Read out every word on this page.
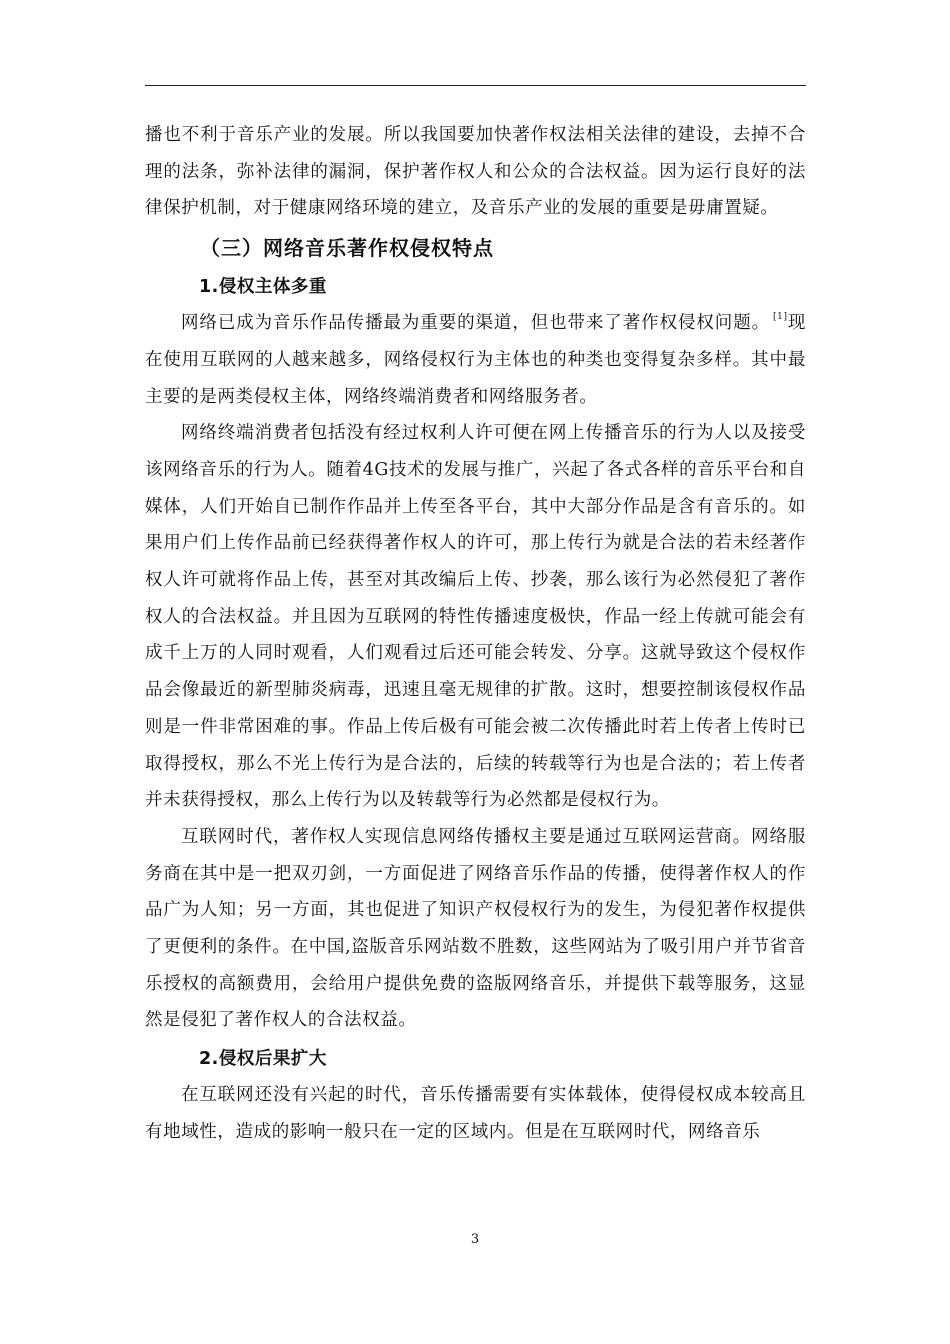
播也不利于音乐产业的发展。所以我国要加快著作权法相关法律的建设，去掉不合理的法条，弥补法律的漏洞，保护著作权人和公众的合法权益。因为运行良好的法律保护机制，对于健康网络环境的建立，及音乐产业的发展的重要是毋庸置疑。

（三）网络音乐著作权侵权特点
1.侵权主体多重

网络已成为音乐作品传播最为重要的渠道，但也带来了著作权侵权问题。 [1]现在使用互联网的人越来越多，网络侵权行为主体也的种类也变得复杂多样。其中最主要的是两类侵权主体，网络终端消费者和网络服务者。

网络终端消费者包括没有经过权利人许可便在网上传播音乐的行为人以及接受该网络音乐的行为人。随着4G技术的发展与推广，兴起了各式各样的音乐平台和自媒体，人们开始自已制作作品并上传至各平台，其中大部分作品是含有音乐的。如果用户们上传作品前已经获得著作权人的许可，那上传行为就是合法的若未经著作权人许可就将作品上传，甚至对其改编后上传、抄袭，那么该行为必然侵犯了著作权人的合法权益。并且因为互联网的特性传播速度极快，作品一经上传就可能会有成千上万的人同时观看，人们观看过后还可能会转发、分享。这就导致这个侵权作品会像最近的新型肺炎病毒，迅速且毫无规律的扩散。这时，想要控制该侵权作品则是一件非常困难的事。作品上传后极有可能会被二次传播此时若上传者上传时已取得授权，那么不光上传行为是合法的，后续的转载等行为也是合法的；若上传者并未获得授权，那么上传行为以及转载等行为必然都是侵权行为。

互联网时代，著作权人实现信息网络传播权主要是通过互联网运营商。网络服务商在其中是一把双刃剑，一方面促进了网络音乐作品的传播，使得著作权人的作品广为人知；另一方面，其也促进了知识产权侵权行为的发生，为侵犯著作权提供了更便利的条件。在中国,盗版音乐网站数不胜数，这些网站为了吸引用户并节省音乐授权的高额费用，会给用户提供免费的盗版网络音乐，并提供下载等服务，这显然是侵犯了著作权人的合法权益。

2.侵权后果扩大

在互联网还没有兴起的时代，音乐传播需要有实体载体，使得侵权成本较高且有地域性，造成的影响一般只在一定的区域内。但是在互联网时代，网络音乐

3
